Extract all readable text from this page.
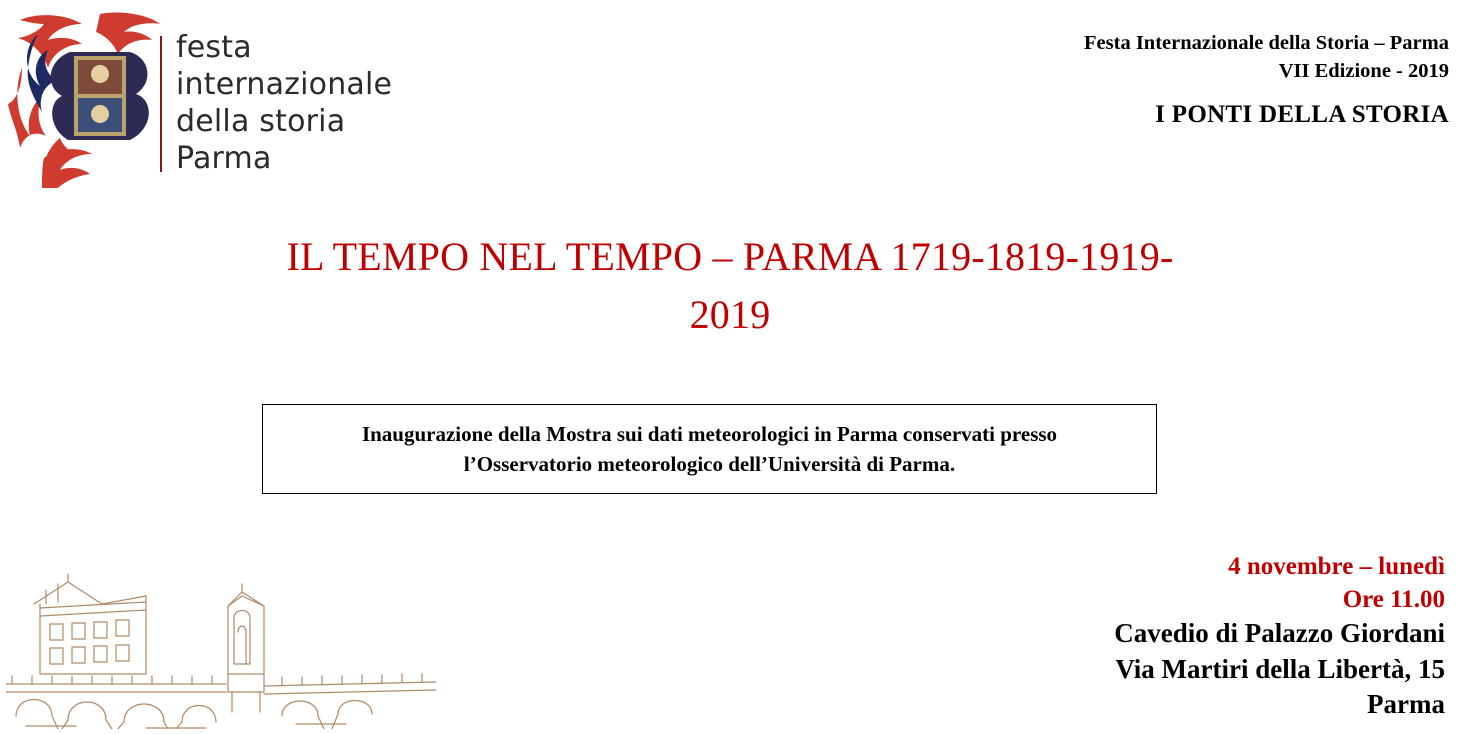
festa
internazionale
della storia
Parma
Festa Internazionale della Storia – Parma
VII Edizione - 2019
I PONTI DELLA STORIA
IL TEMPO NEL TEMPO – PARMA 1719-1819-1919-2019
Inaugurazione della Mostra sui dati meteorologici in Parma conservati presso
l’Osservatorio meteorologico dell’Università di Parma.
4 novembre – lunedì
Ore 11.00
Cavedio di Palazzo Giordani
Via Martiri della Libertà, 15
Parma
